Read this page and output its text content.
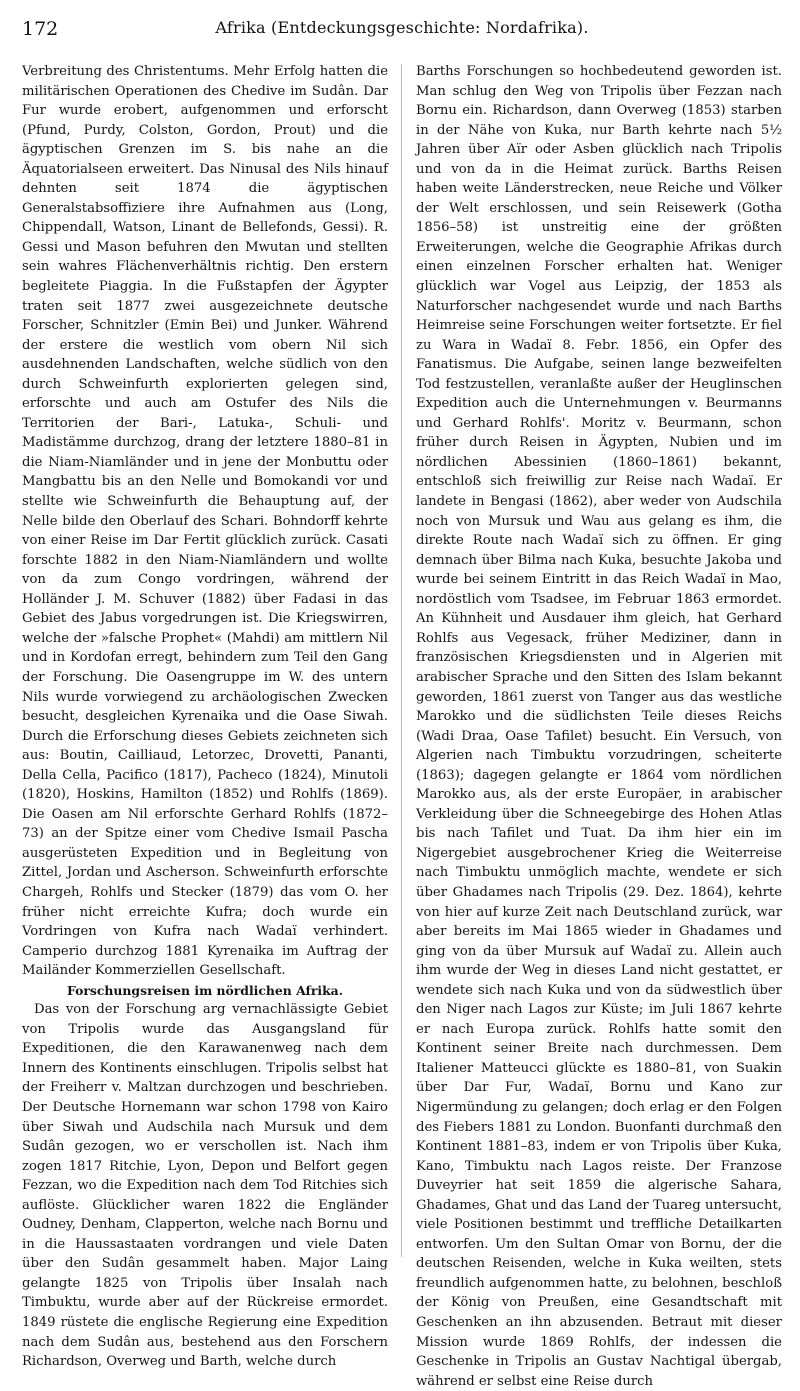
172	Afrika (Entdeckungsgeschichte: Nordafrika).

Verbreitung des Christentums. Mehr Erfolg hatten die militärischen Operationen des Chedive im Sudân. Dar Fur wurde erobert, aufgenommen und erforscht (Pfund, Purdy, Colston, Gordon, Prout) und die ägyptischen Grenzen im S. bis nahe an die Äquatorialseen erweitert. Das Ninusal des Nils hinauf dehnten seit 1874 die ägyptischen Generalstabsoffiziere ihre Aufnahmen aus (Long, Chippendall, Watson, Linant de Bellefonds, Gessi). R. Gessi und Mason befuhren den Mwutan und stellten sein wahres Flächenverhältnis richtig. Den erstern begleitete Piaggia. In die Fußstapfen der Ägypter traten seit 1877 zwei ausgezeichnete deutsche Forscher, Schnitzler (Emin Bei) und Junker. Während der erstere die westlich vom obern Nil sich ausdehnenden Landschaften, welche südlich von den durch Schweinfurth explorierten gelegen sind, erforschte und auch am Ostufer des Nils die Territorien der Bari-, Latuka-, Schuli- und Madistämme durchzog, drang der letztere 1880–81 in die Niam-Niamländer und in jene der Monbuttu oder Mangbattu bis an den Nelle und Bomokandi vor und stellte wie Schweinfurth die Behauptung auf, der Nelle bilde den Oberlauf des Schari. Bohndorff kehrte von einer Reise im Dar Fertit glücklich zurück. Casati forschte 1882 in den Niam-Niamländern und wollte von da zum Congo vordringen, während der Holländer J. M. Schuver (1882) über Fadasi in das Gebiet des Jabus vorgedrungen ist. Die Kriegswirren, welche der »falsche Prophet« (Mahdi) am mittlern Nil und in Kordofan erregt, behindern zum Teil den Gang der Forschung. Die Oasengruppe im W. des untern Nils wurde vorwiegend zu archäologischen Zwecken besucht, desgleichen Kyrenaika und die Oase Siwah. Durch die Erforschung dieses Gebiets zeichneten sich aus: Boutin, Cailliaud, Letorzec, Drovetti, Pananti, Della Cella, Pacifico (1817), Pacheco (1824), Minutoli (1820), Hoskins, Hamilton (1852) und Rohlfs (1869). Die Oasen am Nil erforschte Gerhard Rohlfs (1872–73) an der Spitze einer vom Chedive Ismail Pascha ausgerüsteten Expedition und in Begleitung von Zittel, Jordan und Ascherson. Schweinfurth erforschte Chargeh, Rohlfs und Stecker (1879) das vom O. her früher nicht erreichte Kufra; doch wurde ein Vordringen von Kufra nach Wadaï verhindert. Camperio durchzog 1881 Kyrenaika im Auftrag der Mailänder Kommerziellen Gesellschaft.

Forschungsreisen im nördlichen Afrika.

Das von der Forschung arg vernachlässigte Gebiet von Tripolis wurde das Ausgangsland für Expeditionen, die den Karawanenweg nach dem Innern des Kontinents einschlugen. Tripolis selbst hat der Freiherr v. Maltzan durchzogen und beschrieben. Der Deutsche Hornemann war schon 1798 von Kairo über Siwah und Audschila nach Mursuk und dem Sudân gezogen, wo er verschollen ist. Nach ihm zogen 1817 Ritchie, Lyon, Depon und Belfort gegen Fezzan, wo die Expedition nach dem Tod Ritchies sich auflöste. Glücklicher waren 1822 die Engländer Oudney, Denham, Clapperton, welche nach Bornu und in die Haussastaaten vordrangen und viele Daten über den Sudân gesammelt haben. Major Laing gelangte 1825 von Tripolis über Insalah nach Timbuktu, wurde aber auf der Rückreise ermordet. 1849 rüstete die englische Regierung eine Expedition nach dem Sudân aus, bestehend aus den Forschern Richardson, Overweg und Barth, welche durch

Barths Forschungen so hochbedeutend geworden ist. Man schlug den Weg von Tripolis über Fezzan nach Bornu ein. Richardson, dann Overweg (1853) starben in der Nähe von Kuka, nur Barth kehrte nach 5½ Jahren über Aïr oder Asben glücklich nach Tripolis und von da in die Heimat zurück. Barths Reisen haben weite Länderstrecken, neue Reiche und Völker der Welt erschlossen, und sein Reisewerk (Gotha 1856–58) ist unstreitig eine der größten Erweiterungen, welche die Geographie Afrikas durch einen einzelnen Forscher erhalten hat. Weniger glücklich war Vogel aus Leipzig, der 1853 als Naturforscher nachgesendet wurde und nach Barths Heimreise seine Forschungen weiter fortsetzte. Er fiel zu Wara in Wadaï 8. Febr. 1856, ein Opfer des Fanatismus. Die Aufgabe, seinen lange bezweifelten Tod festzustellen, veranlaßte außer der Heuglinschen Expedition auch die Unternehmungen v. Beurmanns und Gerhard Rohlfs'. Moritz v. Beurmann, schon früher durch Reisen in Ägypten, Nubien und im nördlichen Abessinien (1860–1861) bekannt, entschloß sich freiwillig zur Reise nach Wadaï. Er landete in Bengasi (1862), aber weder von Audschila noch von Mursuk und Wau aus gelang es ihm, die direkte Route nach Wadaï sich zu öffnen. Er ging demnach über Bilma nach Kuka, besuchte Jakoba und wurde bei seinem Eintritt in das Reich Wadaï in Mao, nordöstlich vom Tsadsee, im Februar 1863 ermordet. An Kühnheit und Ausdauer ihm gleich, hat Gerhard Rohlfs aus Vegesack, früher Mediziner, dann in französischen Kriegsdiensten und in Algerien mit arabischer Sprache und den Sitten des Islam bekannt geworden, 1861 zuerst von Tanger aus das westliche Marokko und die südlichsten Teile dieses Reichs (Wadi Draa, Oase Tafilet) besucht. Ein Versuch, von Algerien nach Timbuktu vorzudringen, scheiterte (1863); dagegen gelangte er 1864 vom nördlichen Marokko aus, als der erste Europäer, in arabischer Verkleidung über die Schneegebirge des Hohen Atlas bis nach Tafilet und Tuat. Da ihm hier ein im Nigergebiet ausgebrochener Krieg die Weiterreise nach Timbuktu unmöglich machte, wendete er sich über Ghadames nach Tripolis (29. Dez. 1864), kehrte von hier auf kurze Zeit nach Deutschland zurück, war aber bereits im Mai 1865 wieder in Ghadames und ging von da über Mursuk auf Wadaï zu. Allein auch ihm wurde der Weg in dieses Land nicht gestattet, er wendete sich nach Kuka und von da südwestlich über den Niger nach Lagos zur Küste; im Juli 1867 kehrte er nach Europa zurück. Rohlfs hatte somit den Kontinent seiner Breite nach durchmessen. Dem Italiener Matteucci glückte es 1880–81, von Suakin über Dar Fur, Wadaï, Bornu und Kano zur Nigermündung zu gelangen; doch erlag er den Folgen des Fiebers 1881 zu London. Buonfanti durchmaß den Kontinent 1881–83, indem er von Tripolis über Kuka, Kano, Timbuktu nach Lagos reiste. Der Franzose Duveyrier hat seit 1859 die algerische Sahara, Ghadames, Ghat und das Land der Tuareg untersucht, viele Positionen bestimmt und treffliche Detailkarten entworfen. Um den Sultan Omar von Bornu, der die deutschen Reisenden, welche in Kuka weilten, stets freundlich aufgenommen hatte, zu belohnen, beschloß der König von Preußen, eine Gesandtschaft mit Geschenken an ihn abzusenden. Betraut mit dieser Mission wurde 1869 Rohlfs, der indessen die Geschenke in Tripolis an Gustav Nachtigal übergab, während er selbst eine Reise durch
